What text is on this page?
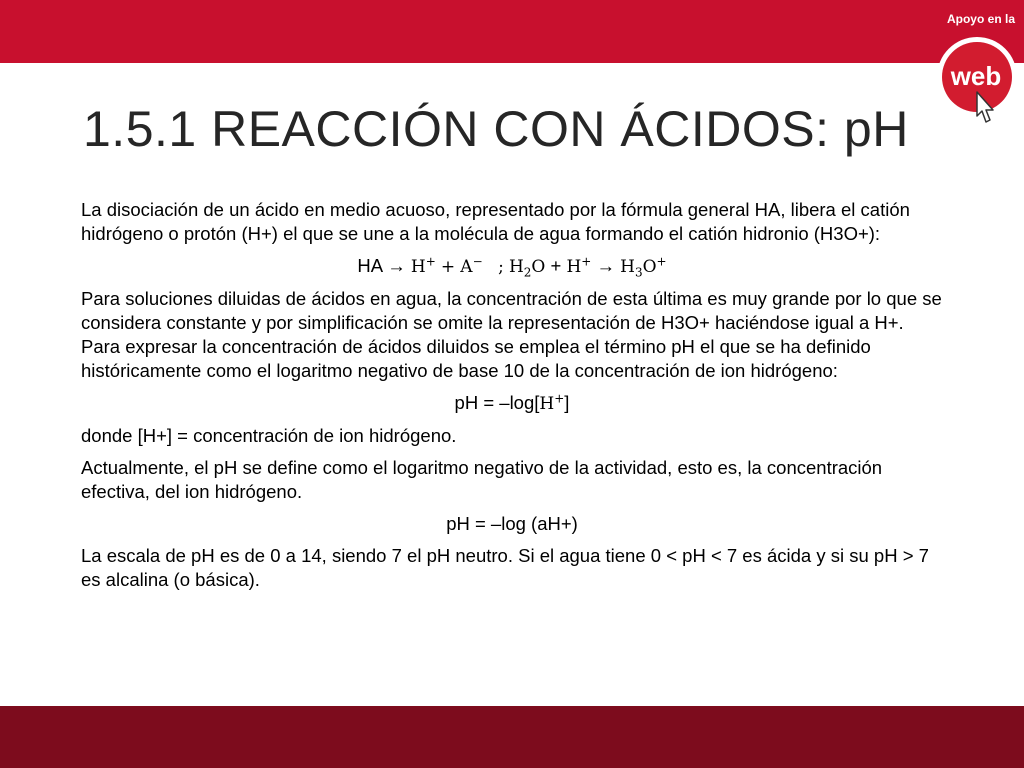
web
Apoyo en la
1.5.1 REACCIÓN CON ÁCIDOS: pH

La disociación de un ácido en medio acuoso, representado por la fórmula general HA, libera el catión hidrógeno o protón (H+) el que se une a la molécula de agua formando el catión hidronio (H3O+):

HA → H+ + A− ; $H_2O + H^+ \to H_3O^+$

Para soluciones diluidas de ácidos en agua, la concentración de esta última es muy grande por lo que se considera constante y por simplificación se omite la representación de H3O+ haciéndose igual a H+. Para expresar la concentración de ácidos diluidos se emplea el término pH el que se ha definido históricamente como el logaritmo negativo de base 10 de la concentración de ion hidrógeno:

pH = –log[H+]

donde [H+] = concentración de ion hidrógeno.

Actualmente, el pH se define como el logaritmo negativo de la actividad, esto es, la concentración efectiva, del ion hidrógeno.

pH = –log (aH+)

La escala de pH es de 0 a 14, siendo 7 el pH neutro. Si el agua tiene 0 < pH < 7 es ácida y si su pH > 7 es alcalina (o básica).
